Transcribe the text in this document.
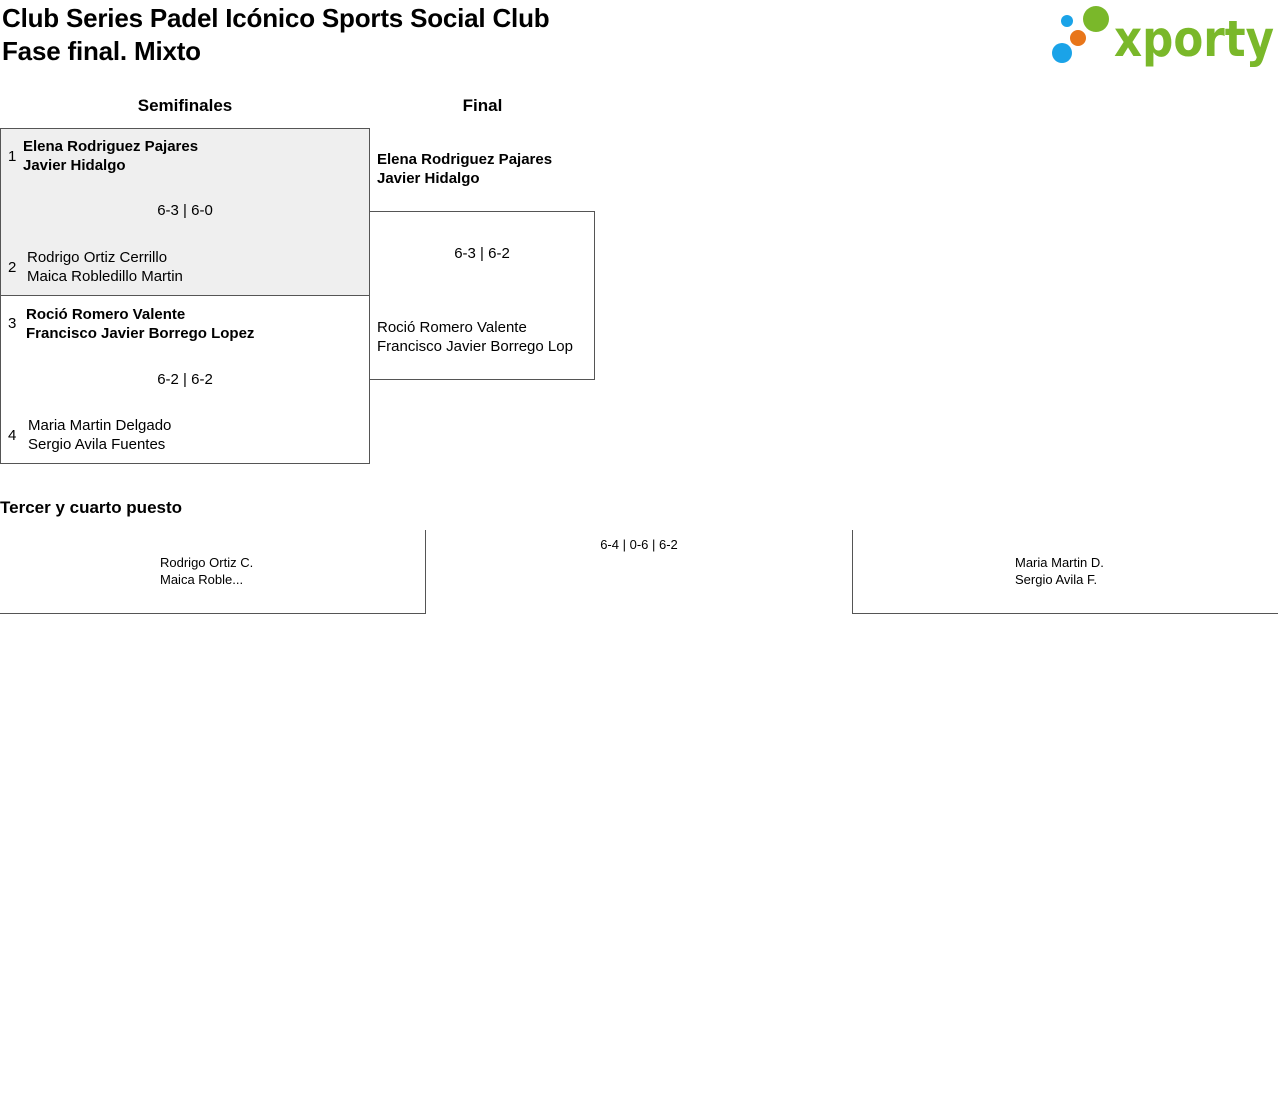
Club Series Padel Icónico Sports Social Club
Fase final. Mixto	xporty
Semifinales	Final
1
Elena Rodriguez Pajares
Javier Hidalgo
6-3 | 6-0
2
Rodrigo Ortiz Cerrillo
Maica Robledillo Martin
3
Roció Romero Valente
Francisco Javier Borrego Lopez
6-2 | 6-2
4
Maria Martin Delgado
Sergio Avila Fuentes
Elena Rodriguez Pajares
Javier Hidalgo
6-3 | 6-2
Roció Romero Valente
Francisco Javier Borrego Lop
Tercer y cuarto puesto
Rodrigo Ortiz C.
Maica Roble...
6-4 | 0-6 | 6-2
Maria Martin D.
Sergio Avila F.
